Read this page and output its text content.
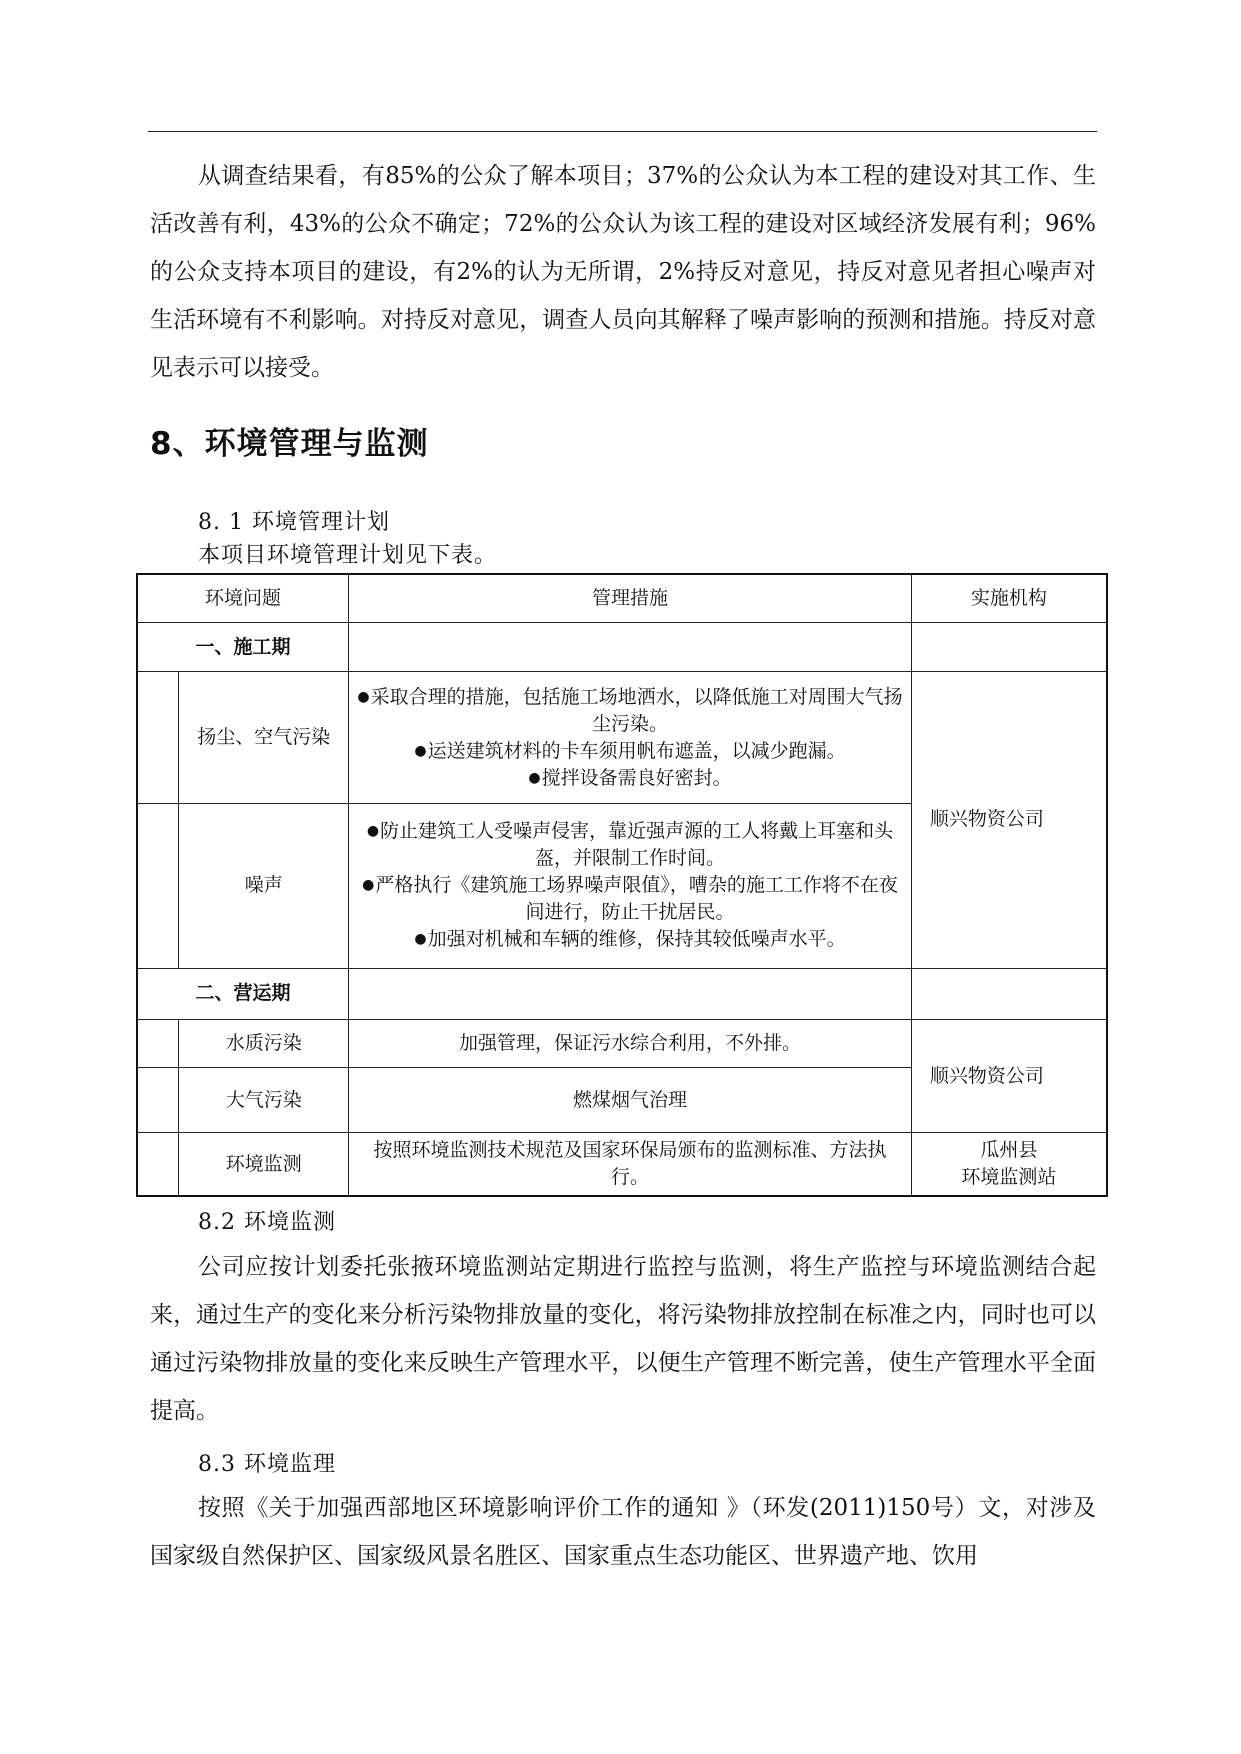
从调查结果看，有85%的公众了解本项目；37%的公众认为本工程的建设对其工作、生活改善有利，43%的公众不确定；72%的公众认为该工程的建设对区域经济发展有利；96%的公众支持本项目的建设，有2%的认为无所谓，2%持反对意见，持反对意见者担心噪声对生活环境有不利影响。对持反对意见，调查人员向其解释了噪声影响的预测和措施。持反对意见表示可以接受。

8、环境管理与监测

8. 1 环境管理计划

本项目环境管理计划见下表。

环境问题		管理措施	实施机构
一、施工期			
	扬尘、空气污染	●采取合理的措施，包括施工场地洒水，以降低施工对周围大气扬尘污染。
●运送建筑材料的卡车须用帆布遮盖，以减少跑漏。
●搅拌设备需良好密封。	顺兴物资公司
	噪声	●防止建筑工人受噪声侵害，靠近强声源的工人将戴上耳塞和头盔，并限制工作时间。
●严格执行《建筑施工场界噪声限值》，嘈杂的施工工作将不在夜间进行，防止干扰居民。
●加强对机械和车辆的维修，保持其较低噪声水平。	

二、营运期			
	水质污染	加强管理，保证污水综合利用，不外排。	顺兴物资公司
	大气污染	燃煤烟气治理	
	环境监测	按照环境监测技术规范及国家环保局颁布的监测标准、方法执行。	瓜州县
环境监测站

8.2 环境监测

公司应按计划委托张掖环境监测站定期进行监控与监测，将生产监控与环境监测结合起来，通过生产的变化来分析污染物排放量的变化，将污染物排放控制在标准之内，同时也可以通过污染物排放量的变化来反映生产管理水平，以便生产管理不断完善，使生产管理水平全面提高。

8.3 环境监理

按照《关于加强西部地区环境影响评价工作的通知 》（环发(2011)150号）文，对涉及国家级自然保护区、国家级风景名胜区、国家重点生态功能区、世界遗产地、饮用
